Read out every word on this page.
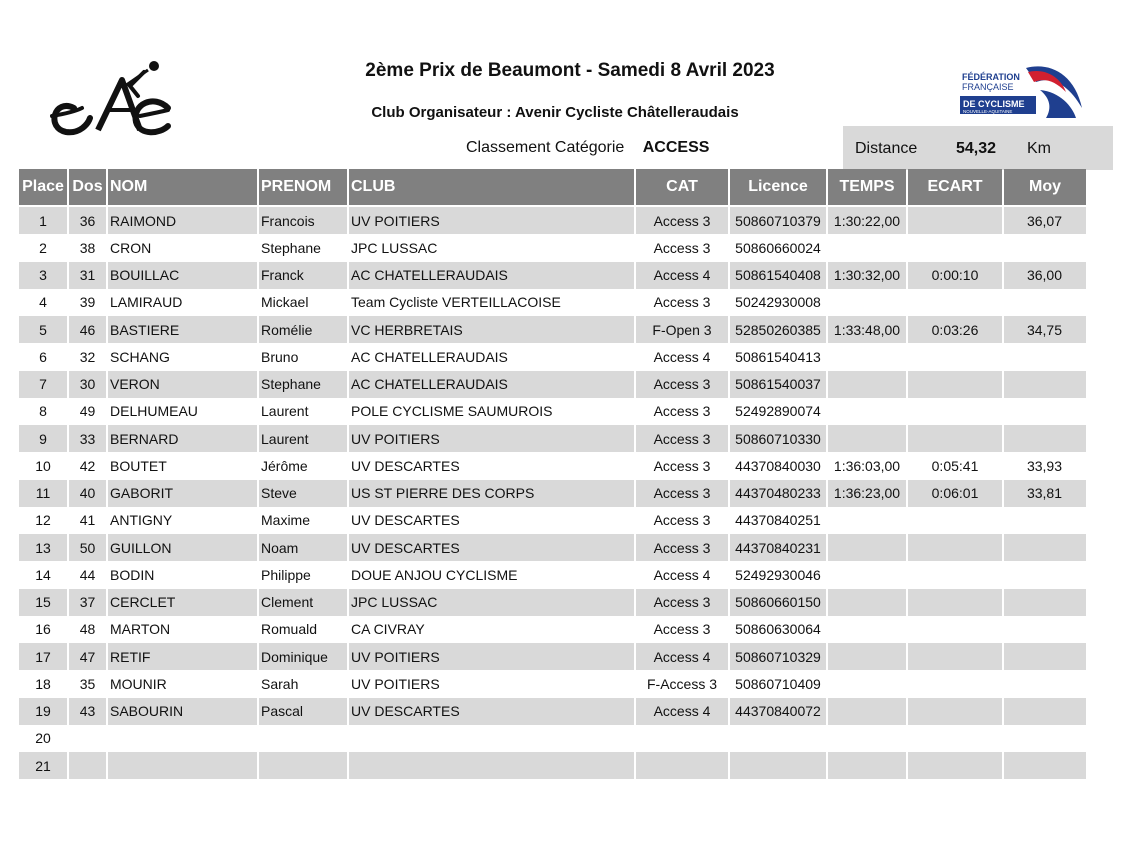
FÉDÉRATION
FRANÇAISE
DE CYCLISME
NOUVELLE-AQUITAINE
2ème Prix de Beaumont - Samedi 8 Avril 2023
Club Organisateur : Avenir Cycliste Châtelleraudais
Classement Catégorie ACCESS	Distance 54,32 Km
Place	Dos	NOM	PRENOM	CLUB	CAT	Licence	TEMPS	ECART	Moy
1	36	RAIMOND	Francois	UV POITIERS	Access 3	50860710379	1:30:22,00		36,07
2	38	CRON	Stephane	JPC LUSSAC	Access 3	50860660024			
3	31	BOUILLAC	Franck	AC CHATELLERAUDAIS	Access 4	50861540408	1:30:32,00	0:00:10	36,00
4	39	LAMIRAUD	Mickael	Team Cycliste VERTEILLACOISE	Access 3	50242930008			
5	46	BASTIERE	Romélie	VC HERBRETAIS	F-Open 3	52850260385	1:33:48,00	0:03:26	34,75
6	32	SCHANG	Bruno	AC CHATELLERAUDAIS	Access 4	50861540413			
7	30	VERON	Stephane	AC CHATELLERAUDAIS	Access 3	50861540037			
8	49	DELHUMEAU	Laurent	POLE CYCLISME SAUMUROIS	Access 3	52492890074			
9	33	BERNARD	Laurent	UV POITIERS	Access 3	50860710330			
10	42	BOUTET	Jérôme	UV DESCARTES	Access 3	44370840030	1:36:03,00	0:05:41	33,93
11	40	GABORIT	Steve	US ST PIERRE DES CORPS	Access 3	44370480233	1:36:23,00	0:06:01	33,81
12	41	ANTIGNY	Maxime	UV DESCARTES	Access 3	44370840251			
13	50	GUILLON	Noam	UV DESCARTES	Access 3	44370840231			
14	44	BODIN	Philippe	DOUE ANJOU CYCLISME	Access 4	52492930046			
15	37	CERCLET	Clement	JPC LUSSAC	Access 3	50860660150			
16	48	MARTON	Romuald	CA CIVRAY	Access 3	50860630064			
17	47	RETIF	Dominique	UV POITIERS	Access 4	50860710329			
18	35	MOUNIR	Sarah	UV POITIERS	F-Access 3	50860710409			
19	43	SABOURIN	Pascal	UV DESCARTES	Access 4	44370840072			
20									
21									
